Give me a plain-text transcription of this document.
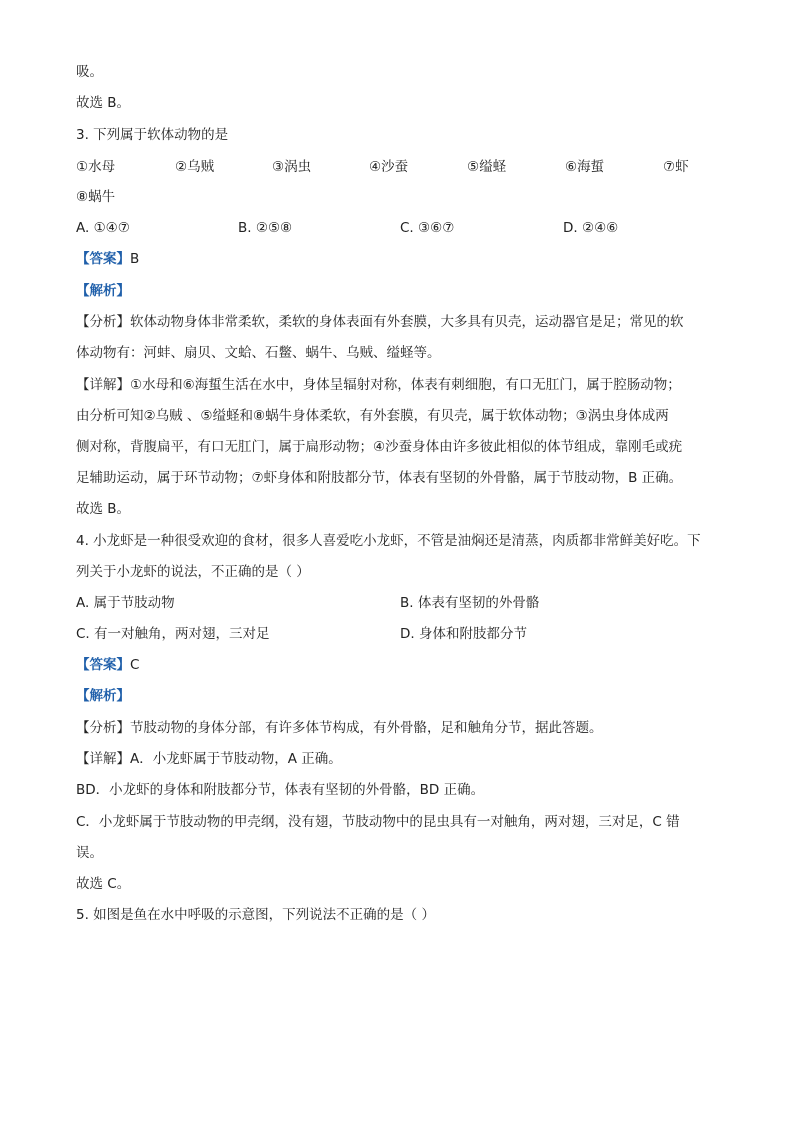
吸。
故选 B。
3. 下列属于软体动物的是
①水母	②乌贼	③涡虫	④沙蚕	⑤缢蛏	⑥海蜇	⑦虾
⑧蜗牛
A. ①④⑦	B. ②⑤⑧	C. ③⑥⑦	D. ②④⑥
【答案】B
【解析】
【分析】软体动物身体非常柔软，柔软的身体表面有外套膜，大多具有贝壳，运动器官是足；常见的软
体动物有：河蚌、扇贝、文蛤、石鳖、蜗牛、乌贼、缢蛏等。
【详解】①水母和⑥海蜇生活在水中，身体呈辐射对称，体表有刺细胞，有口无肛门，属于腔肠动物；
由分析可知②乌贼 、⑤缢蛏和⑧蜗牛身体柔软，有外套膜，有贝壳，属于软体动物；③涡虫身体成两
侧对称，背腹扁平，有口无肛门，属于扁形动物；④沙蚕身体由许多彼此相似的体节组成，靠刚毛或疣
足辅助运动，属于环节动物；⑦虾身体和附肢都分节，体表有坚韧的外骨骼，属于节肢动物，B 正确。
故选 B。
4. 小龙虾是一种很受欢迎的食材，很多人喜爱吃小龙虾，不管是油焖还是清蒸，肉质都非常鲜美好吃。下
列关于小龙虾的说法，不正确的是（ ）
A. 属于节肢动物	B. 体表有坚韧的外骨骼
C. 有一对触角，两对翅，三对足	D. 身体和附肢都分节
【答案】C
【解析】
【分析】节肢动物的身体分部，有许多体节构成，有外骨骼，足和触角分节，据此答题。
【详解】A．小龙虾属于节肢动物，A 正确。
BD．小龙虾的身体和附肢都分节，体表有坚韧的外骨骼，BD 正确。
C．小龙虾属于节肢动物的甲壳纲，没有翅，节肢动物中的昆虫具有一对触角，两对翅，三对足，C 错
误。
故选 C。
5. 如图是鱼在水中呼吸的示意图，下列说法不正确的是（ ）
